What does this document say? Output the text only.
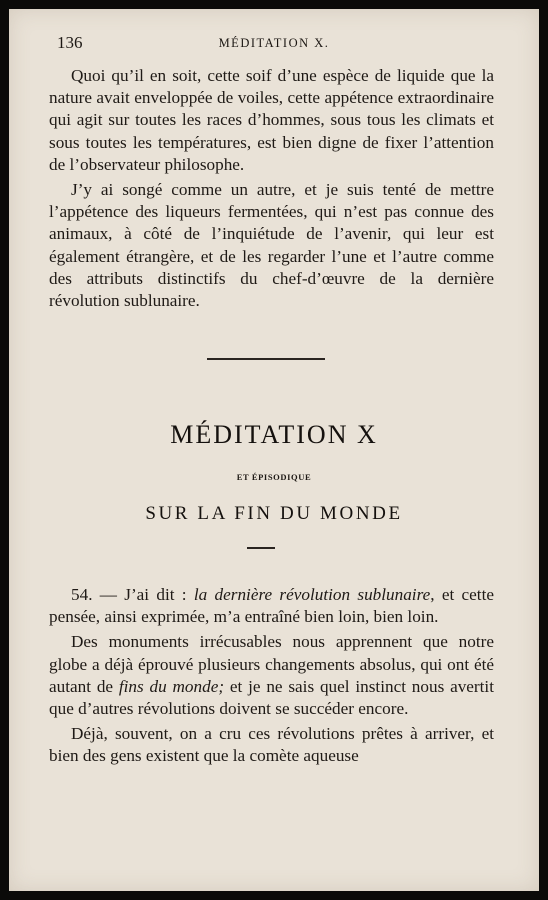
136	MÉDITATION X.

Quoi qu’il en soit, cette soif d’une espèce de liquide que la nature avait enveloppée de voiles, cette appétence extraordinaire qui agit sur toutes les races d’hommes, sous tous les climats et sous toutes les températures, est bien digne de fixer l’attention de l’observateur philosophe.

J’y ai songé comme un autre, et je suis tenté de mettre l’appétence des liqueurs fermentées, qui n’est pas connue des animaux, à côté de l’inquiétude de l’avenir, qui leur est également étrangère, et de les regarder l’une et l’autre comme des attributs distinctifs du chef-d’œuvre de la dernière révolution sublunaire.

MÉDITATION X
ET ÉPISODIQUE
SUR LA FIN DU MONDE

54. — J’ai dit : la dernière révolution sublunaire, et cette pensée, ainsi exprimée, m’a entraîné bien loin, bien loin.

Des monuments irrécusables nous apprennent que notre globe a déjà éprouvé plusieurs changements absolus, qui ont été autant de fins du monde; et je ne sais quel instinct nous avertit que d’autres révolutions doivent se succéder encore.

Déjà, souvent, on a cru ces révolutions prêtes à arriver, et bien des gens existent que la comète aqueuse
